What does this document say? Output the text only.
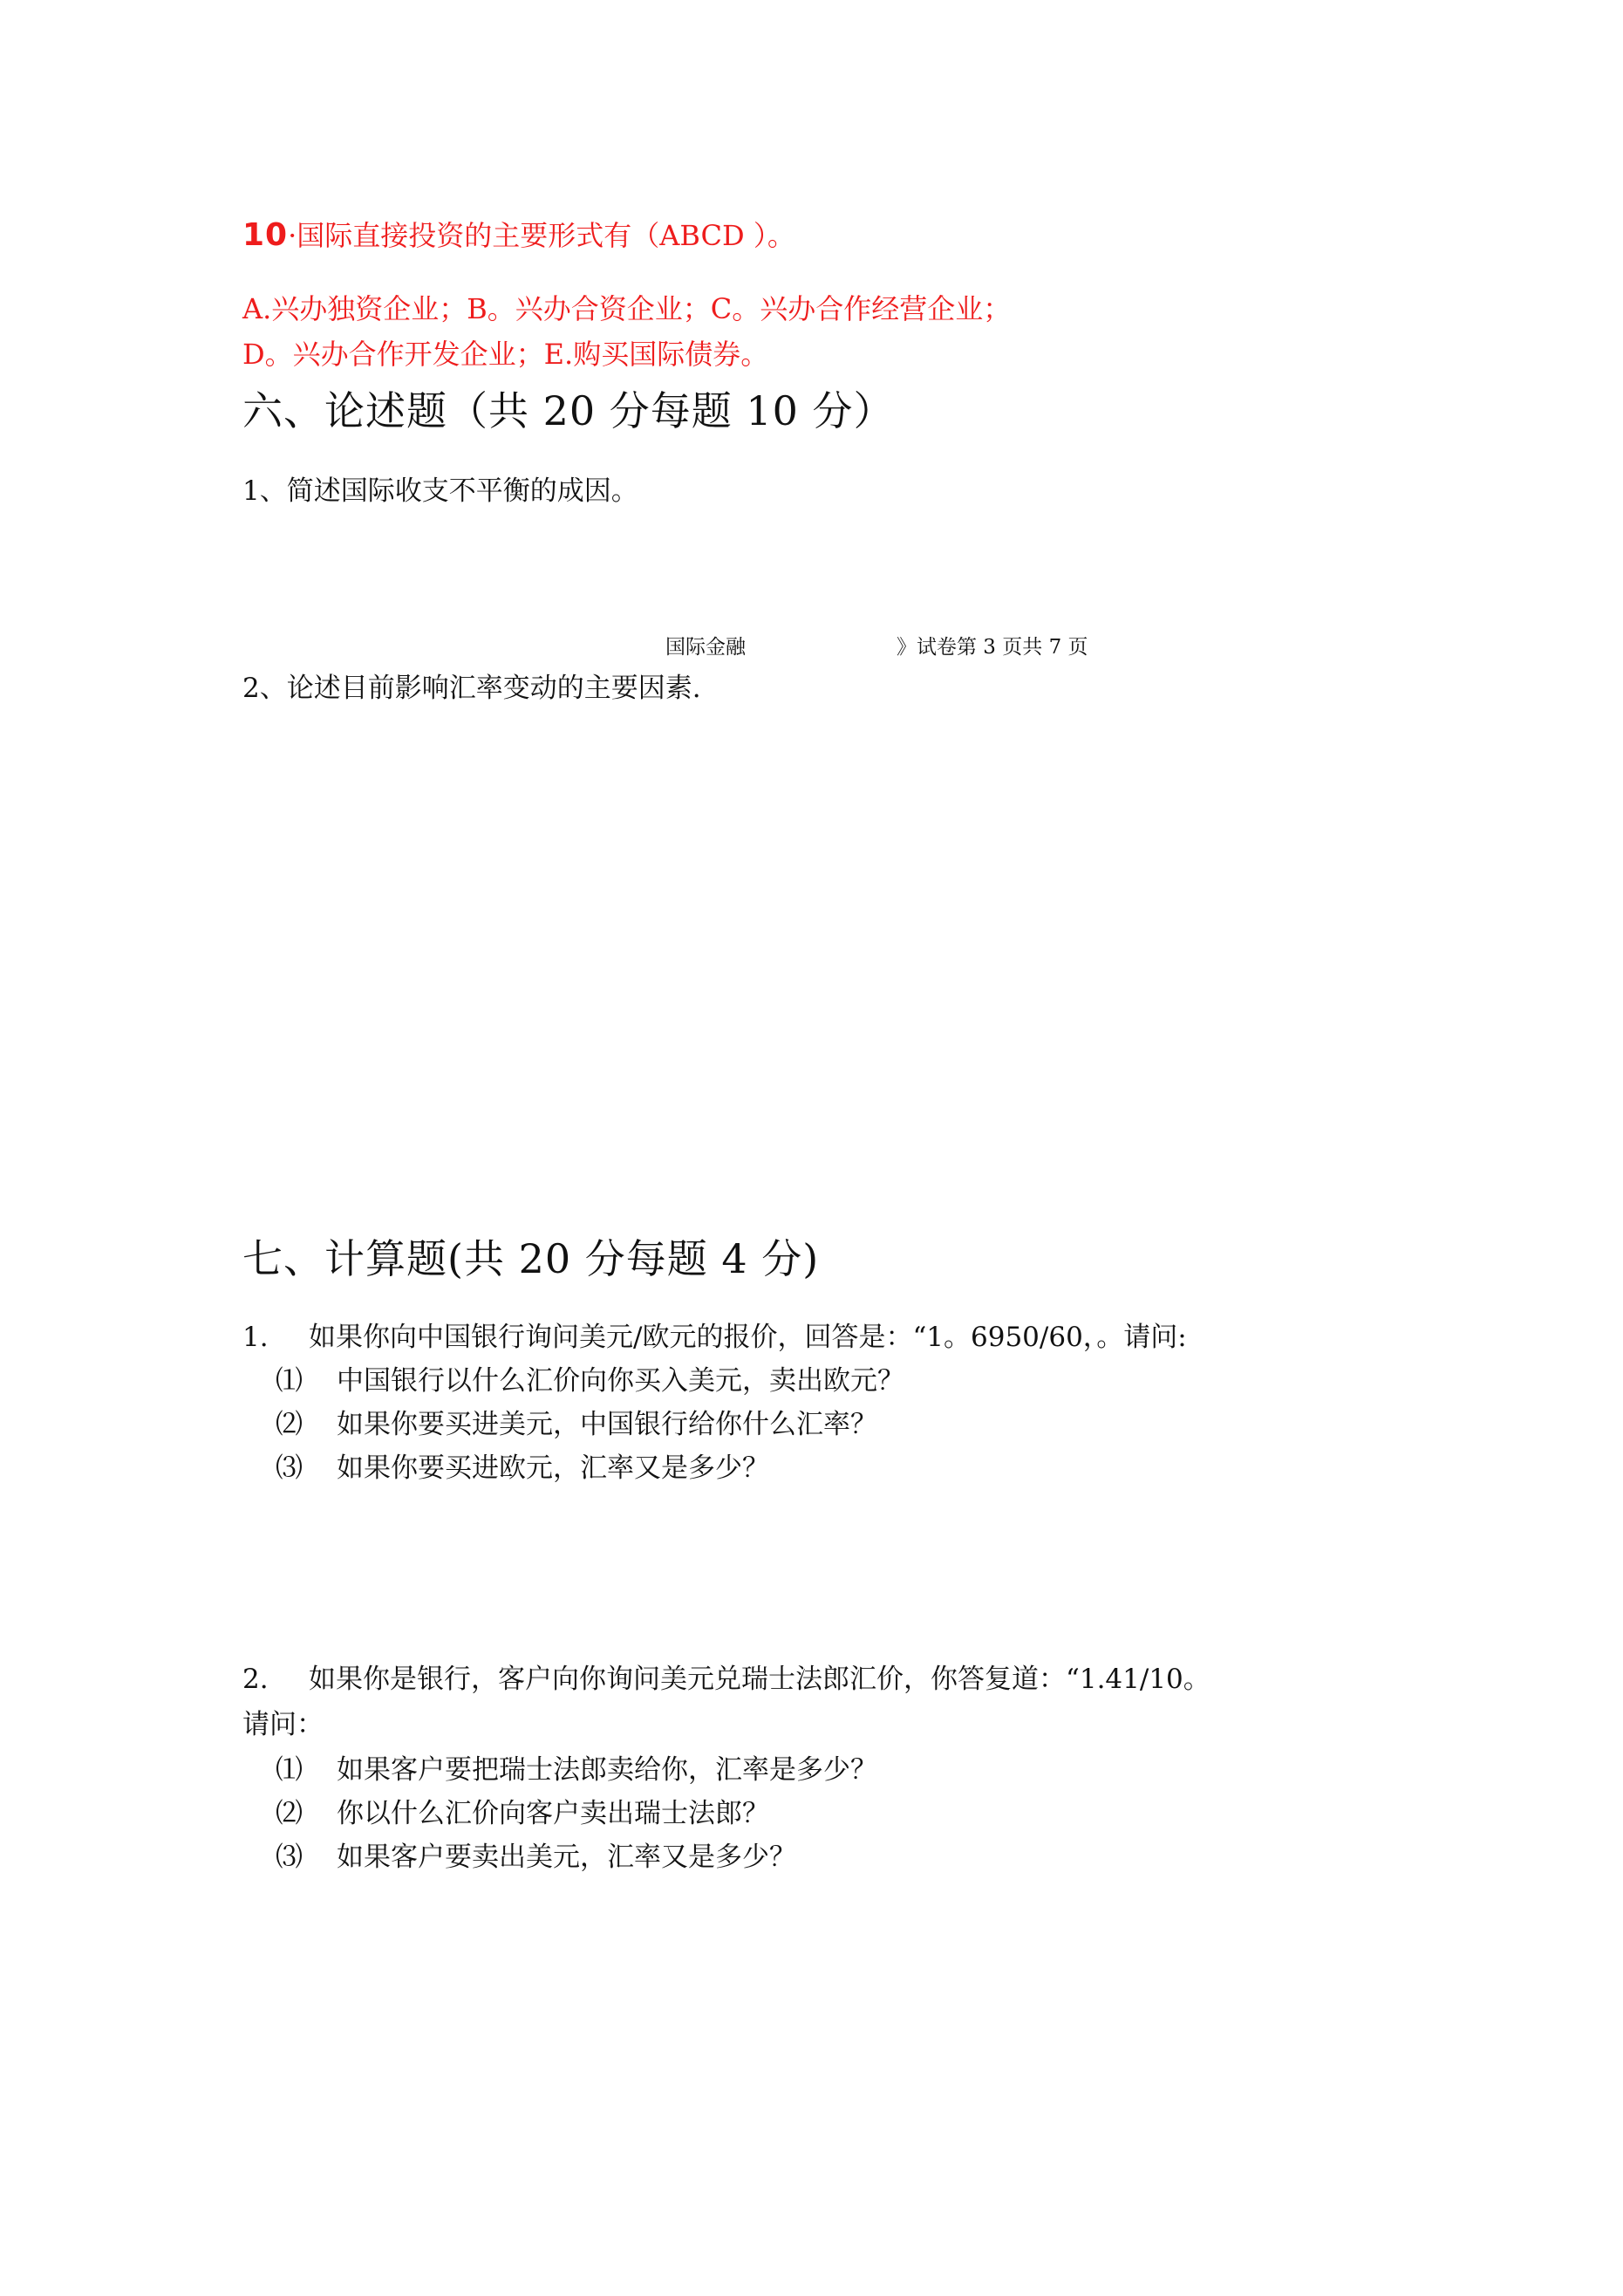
10·国际直接投资的主要形式有（ABCD ）。
A.兴办独资企业；B。兴办合资企业；C。兴办合作经营企业；
D。兴办合作开发企业；E.购买国际债券。
六、论述题（共 20 分每题 10 分）
1、简述国际收支不平衡的成因。
国际金融	》试卷第 3 页共 7 页
2、论述目前影响汇率变动的主要因素.
七、计算题(共 20 分每题 4 分)
1. 如果你向中国银行询问美元/欧元的报价，回答是：“1。6950/60，。请问:
⑴ 中国银行以什么汇价向你买入美元，卖出欧元？
⑵ 如果你要买进美元，中国银行给你什么汇率？
⑶ 如果你要买进欧元，汇率又是多少？
2. 如果你是银行，客户向你询问美元兑瑞士法郎汇价，你答复道：“1.41/10。
请问：
⑴ 如果客户要把瑞士法郎卖给你，汇率是多少？
⑵ 你以什么汇价向客户卖出瑞士法郎？
⑶ 如果客户要卖出美元，汇率又是多少？
